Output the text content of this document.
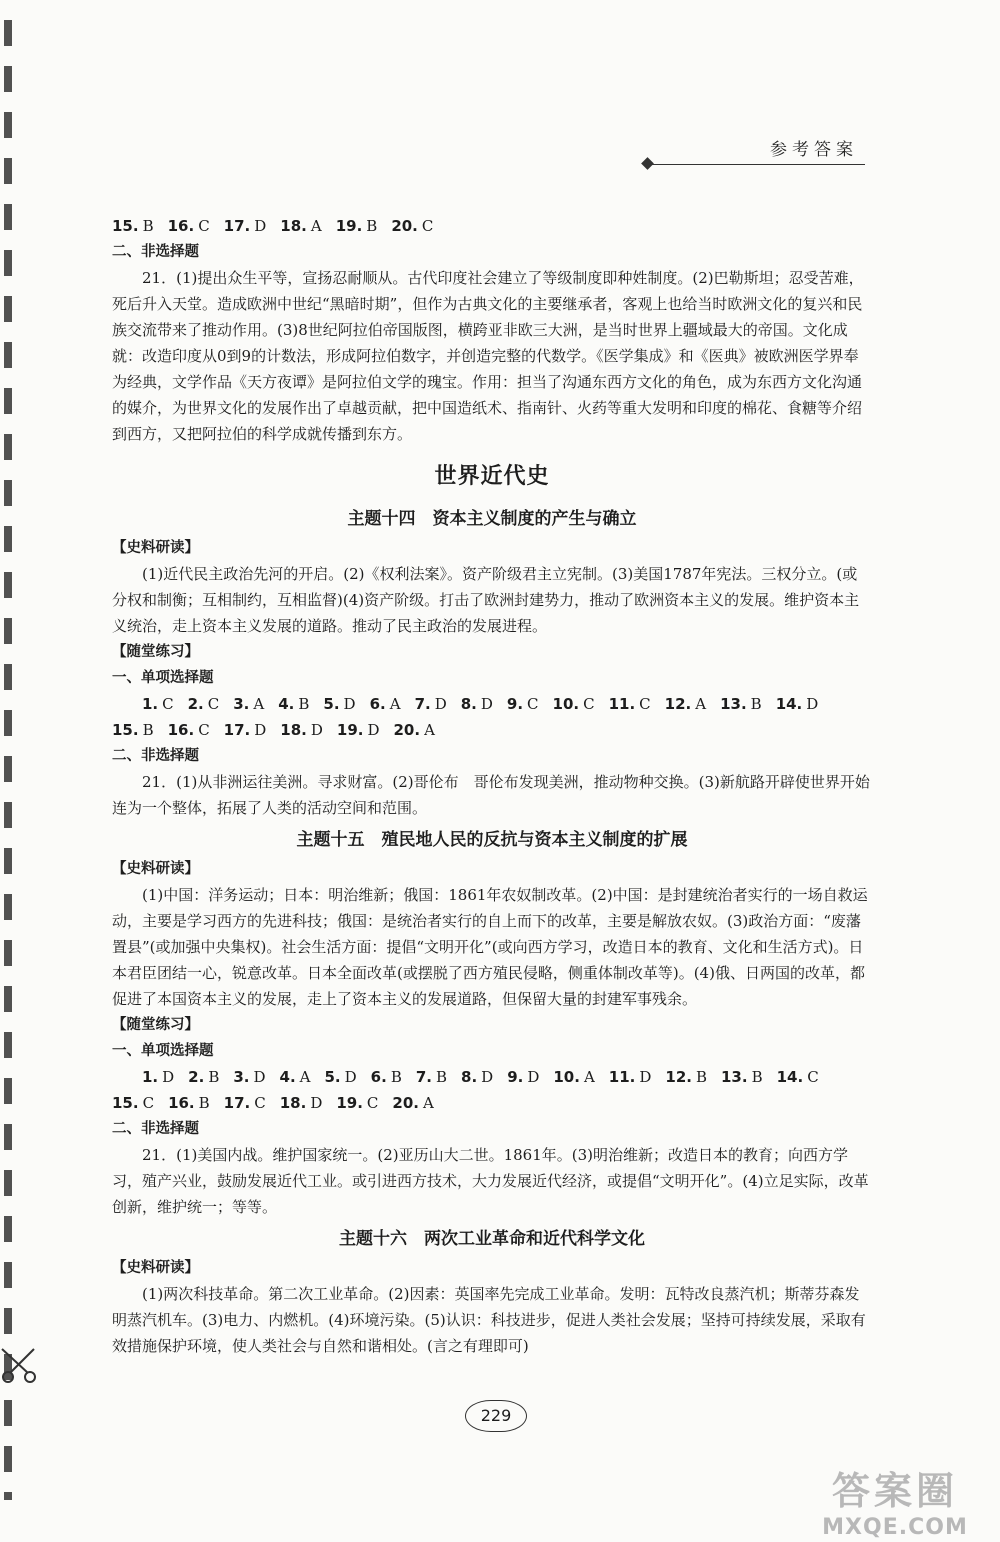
参考答案
15. B 16. C 17. D 18. A 19. B 20. C

二、非选择题

21．(1)提出众生平等，宣扬忍耐顺从。古代印度社会建立了等级制度即种姓制度。(2)巴勒斯坦；忍受苦难，死后升入天堂。造成欧洲中世纪“黑暗时期”，但作为古典文化的主要继承者，客观上也给当时欧洲文化的复兴和民族交流带来了推动作用。(3)8世纪阿拉伯帝国版图，横跨亚非欧三大洲，是当时世界上疆域最大的帝国。文化成就：改造印度从0到9的计数法，形成阿拉伯数字，并创造完整的代数学。《医学集成》和《医典》被欧洲医学界奉为经典，文学作品《天方夜谭》是阿拉伯文学的瑰宝。作用：担当了沟通东西方文化的角色，成为东西方文化沟通的媒介，为世界文化的发展作出了卓越贡献，把中国造纸术、指南针、火药等重大发明和印度的棉花、食糖等介绍到西方，又把阿拉伯的科学成就传播到东方。

世界近代史
主题十四　资本主义制度的产生与确立

【史料研读】

(1)近代民主政治先河的开启。(2)《权利法案》。资产阶级君主立宪制。(3)美国1787年宪法。三权分立。(或分权和制衡；互相制约，互相监督)(4)资产阶级。打击了欧洲封建势力，推动了欧洲资本主义的发展。维护资本主义统治，走上资本主义发展的道路。推动了民主政治的发展进程。

【随堂练习】

一、单项选择题

1. C 2. C 3. A 4. B 5. D 6. A 7. D 8. D 9. C 10. C 11. C 12. A 13. B 14. D
15. B 16. C 17. D 18. D 19. D 20. A

二、非选择题

21．(1)从非洲运往美洲。寻求财富。(2)哥伦布　哥伦布发现美洲，推动物种交换。(3)新航路开辟使世界开始连为一个整体，拓展了人类的活动空间和范围。

主题十五　殖民地人民的反抗与资本主义制度的扩展

【史料研读】

(1)中国：洋务运动；日本：明治维新；俄国：1861年农奴制改革。(2)中国：是封建统治者实行的一场自救运动，主要是学习西方的先进科技；俄国：是统治者实行的自上而下的改革，主要是解放农奴。(3)政治方面：“废藩置县”(或加强中央集权)。社会生活方面：提倡“文明开化”(或向西方学习，改造日本的教育、文化和生活方式)。日本君臣团结一心，锐意改革。日本全面改革(或摆脱了西方殖民侵略，侧重体制改革等)。(4)俄、日两国的改革，都促进了本国资本主义的发展，走上了资本主义的发展道路，但保留大量的封建军事残余。

【随堂练习】

一、单项选择题

1. D 2. B 3. D 4. A 5. D 6. B 7. B 8. D 9. D 10. A 11. D 12. B 13. B 14. C
15. C 16. B 17. C 18. D 19. C 20. A

二、非选择题

21．(1)美国内战。维护国家统一。(2)亚历山大二世。1861年。(3)明治维新；改造日本的教育；向西方学习，殖产兴业，鼓励发展近代工业。或引进西方技术，大力发展近代经济，或提倡“文明开化”。(4)立足实际，改革创新，维护统一；等等。

主题十六　两次工业革命和近代科学文化

【史料研读】

(1)两次科技革命。第二次工业革命。(2)因素：英国率先完成工业革命。发明：瓦特改良蒸汽机；斯蒂芬森发明蒸汽机车。(3)电力、内燃机。(4)环境污染。(5)认识：科技进步，促进人类社会发展；坚持可持续发展，采取有效措施保护环境，使人类社会与自然和谐相处。(言之有理即可)

229
答案圈
MXQE.COM
